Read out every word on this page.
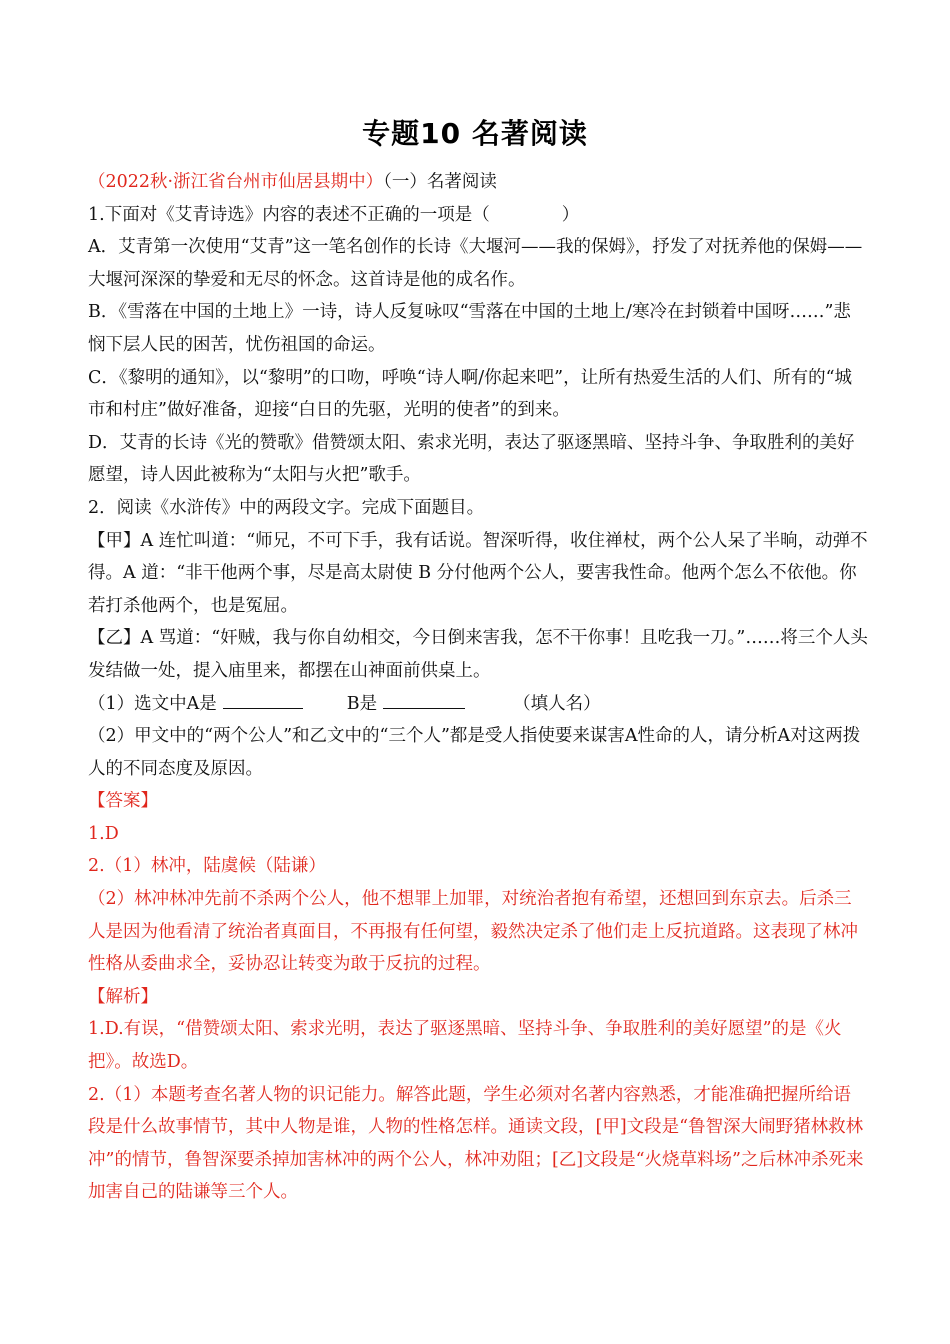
专题10 名著阅读

（2022秋·浙江省台州市仙居县期中）（一）名著阅读

1.下面对《艾青诗选》内容的表述不正确的一项是（	）

A．艾青第一次使用“艾青”这一笔名创作的长诗《大堰河——我的保姆》，抒发了对抚养他的保姆——大堰河深深的挚爱和无尽的怀念。这首诗是他的成名作。

B．《雪落在中国的土地上》一诗，诗人反复咏叹“雪落在中国的土地上/寒冷在封锁着中国呀……”悲悯下层人民的困苦，忧伤祖国的命运。

C．《黎明的通知》，以“黎明”的口吻，呼唤“诗人啊/你起来吧”，让所有热爱生活的人们、所有的“城市和村庄”做好准备，迎接“白日的先驱，光明的使者”的到来。

D．艾青的长诗《光的赞歌》借赞颂太阳、索求光明，表达了驱逐黑暗、坚持斗争、争取胜利的美好愿望，诗人因此被称为“太阳与火把”歌手。

2．阅读《水浒传》中的两段文字。完成下面题目。

【甲】A 连忙叫道：“师兄，不可下手，我有话说。智深听得，收住禅杖，两个公人呆了半晌，动弹不得。A 道：“非干他两个事，尽是高太尉使 B 分付他两个公人，要害我性命。他两个怎么不依他。你若打杀他两个，也是冤屈。

【乙】A 骂道：“奸贼，我与你自幼相交，今日倒来害我，怎不干你事！且吃我一刀。”……将三个人头发结做一处，提入庙里来，都摆在山神面前供桌上。

（1）选文中A是	B是	（填人名）

（2）甲文中的“两个公人”和乙文中的“三个人”都是受人指使要来谋害A性命的人，请分析A对这两拨人的不同态度及原因。

【答案】

1.D

2.（1）林冲，陆虞候（陆谦）

（2）林冲林冲先前不杀两个公人，他不想罪上加罪，对统治者抱有希望，还想回到东京去。后杀三人是因为他看清了统治者真面目，不再报有任何望，毅然决定杀了他们走上反抗道路。这表现了林冲性格从委曲求全，妥协忍让转变为敢于反抗的过程。

【解析】

1.D.有误，“借赞颂太阳、索求光明，表达了驱逐黑暗、坚持斗争、争取胜利的美好愿望”的是《火把》。故选D。

2.（1）本题考查名著人物的识记能力。解答此题，学生必须对名著内容熟悉，才能准确把握所给语段是什么故事情节，其中人物是谁，人物的性格怎样。通读文段，[甲]文段是“鲁智深大闹野猪林救林冲”的情节，鲁智深要杀掉加害林冲的两个公人，林冲劝阻；[乙]文段是“火烧草料场”之后林冲杀死来加害自己的陆谦等三个人。
